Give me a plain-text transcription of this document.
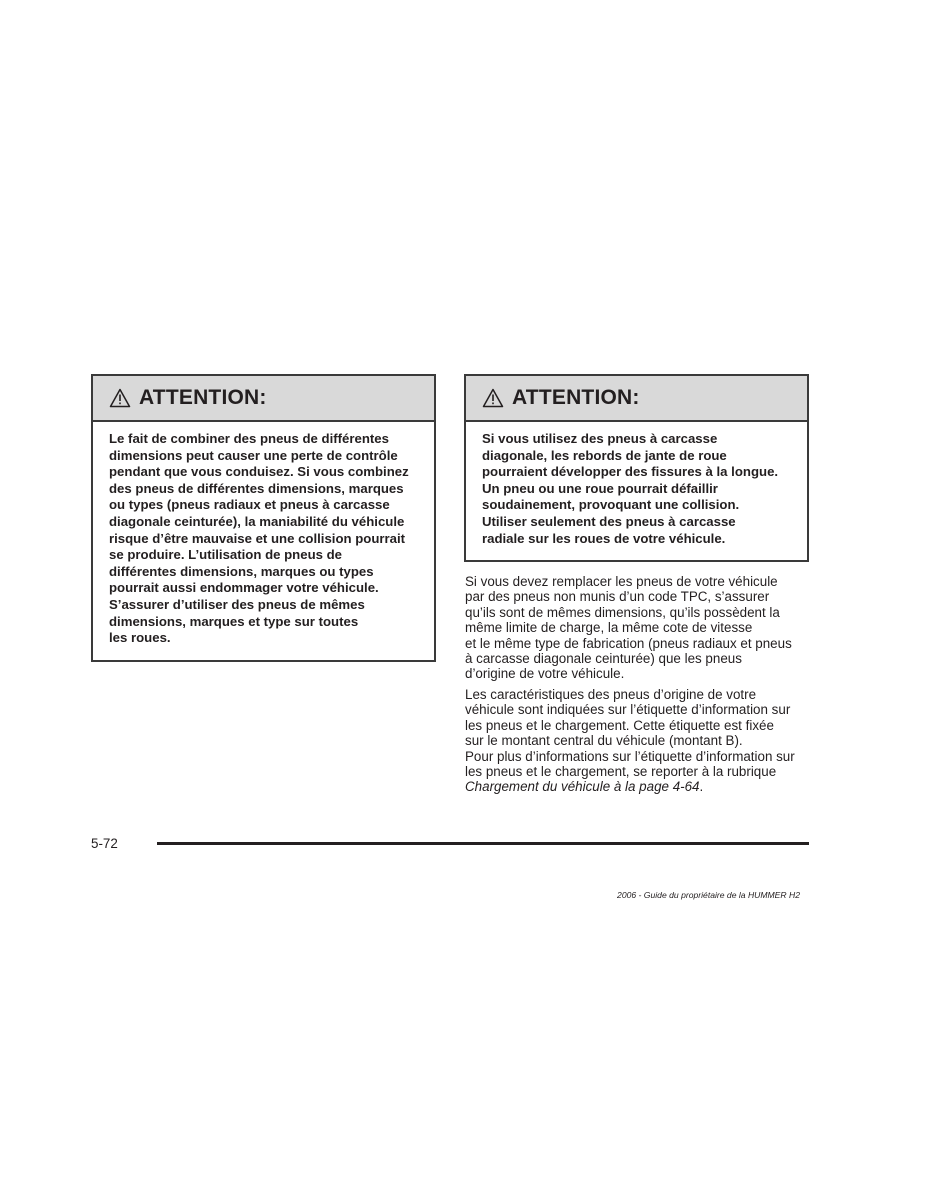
ATTENTION:
Le fait de combiner des pneus de différentes
dimensions peut causer une perte de contrôle
pendant que vous conduisez. Si vous combinez
des pneus de différentes dimensions, marques
ou types (pneus radiaux et pneus à carcasse
diagonale ceinturée), la maniabilité du véhicule
risque d’être mauvaise et une collision pourrait
se produire. L’utilisation de pneus de
différentes dimensions, marques ou types
pourrait aussi endommager votre véhicule.
S’assurer d’utiliser des pneus de mêmes
dimensions, marques et type sur toutes
les roues.
ATTENTION:
Si vous utilisez des pneus à carcasse
diagonale, les rebords de jante de roue
pourraient développer des fissures à la longue.
Un pneu ou une roue pourrait défaillir
soudainement, provoquant une collision.
Utiliser seulement des pneus à carcasse
radiale sur les roues de votre véhicule.
Si vous devez remplacer les pneus de votre véhicule
par des pneus non munis d’un code TPC, s’assurer
qu’ils sont de mêmes dimensions, qu’ils possèdent la
même limite de charge, la même cote de vitesse
et le même type de fabrication (pneus radiaux et pneus
à carcasse diagonale ceinturée) que les pneus
d’origine de votre véhicule.
Les caractéristiques des pneus d’origine de votre
véhicule sont indiquées sur l’étiquette d’information sur
les pneus et le chargement. Cette étiquette est fixée
sur le montant central du véhicule (montant B).
Pour plus d’informations sur l’étiquette d’information sur
les pneus et le chargement, se reporter à la rubrique
Chargement du véhicule à la page 4-64.
5-72
2006 - Guide du propriétaire de la HUMMER H2
